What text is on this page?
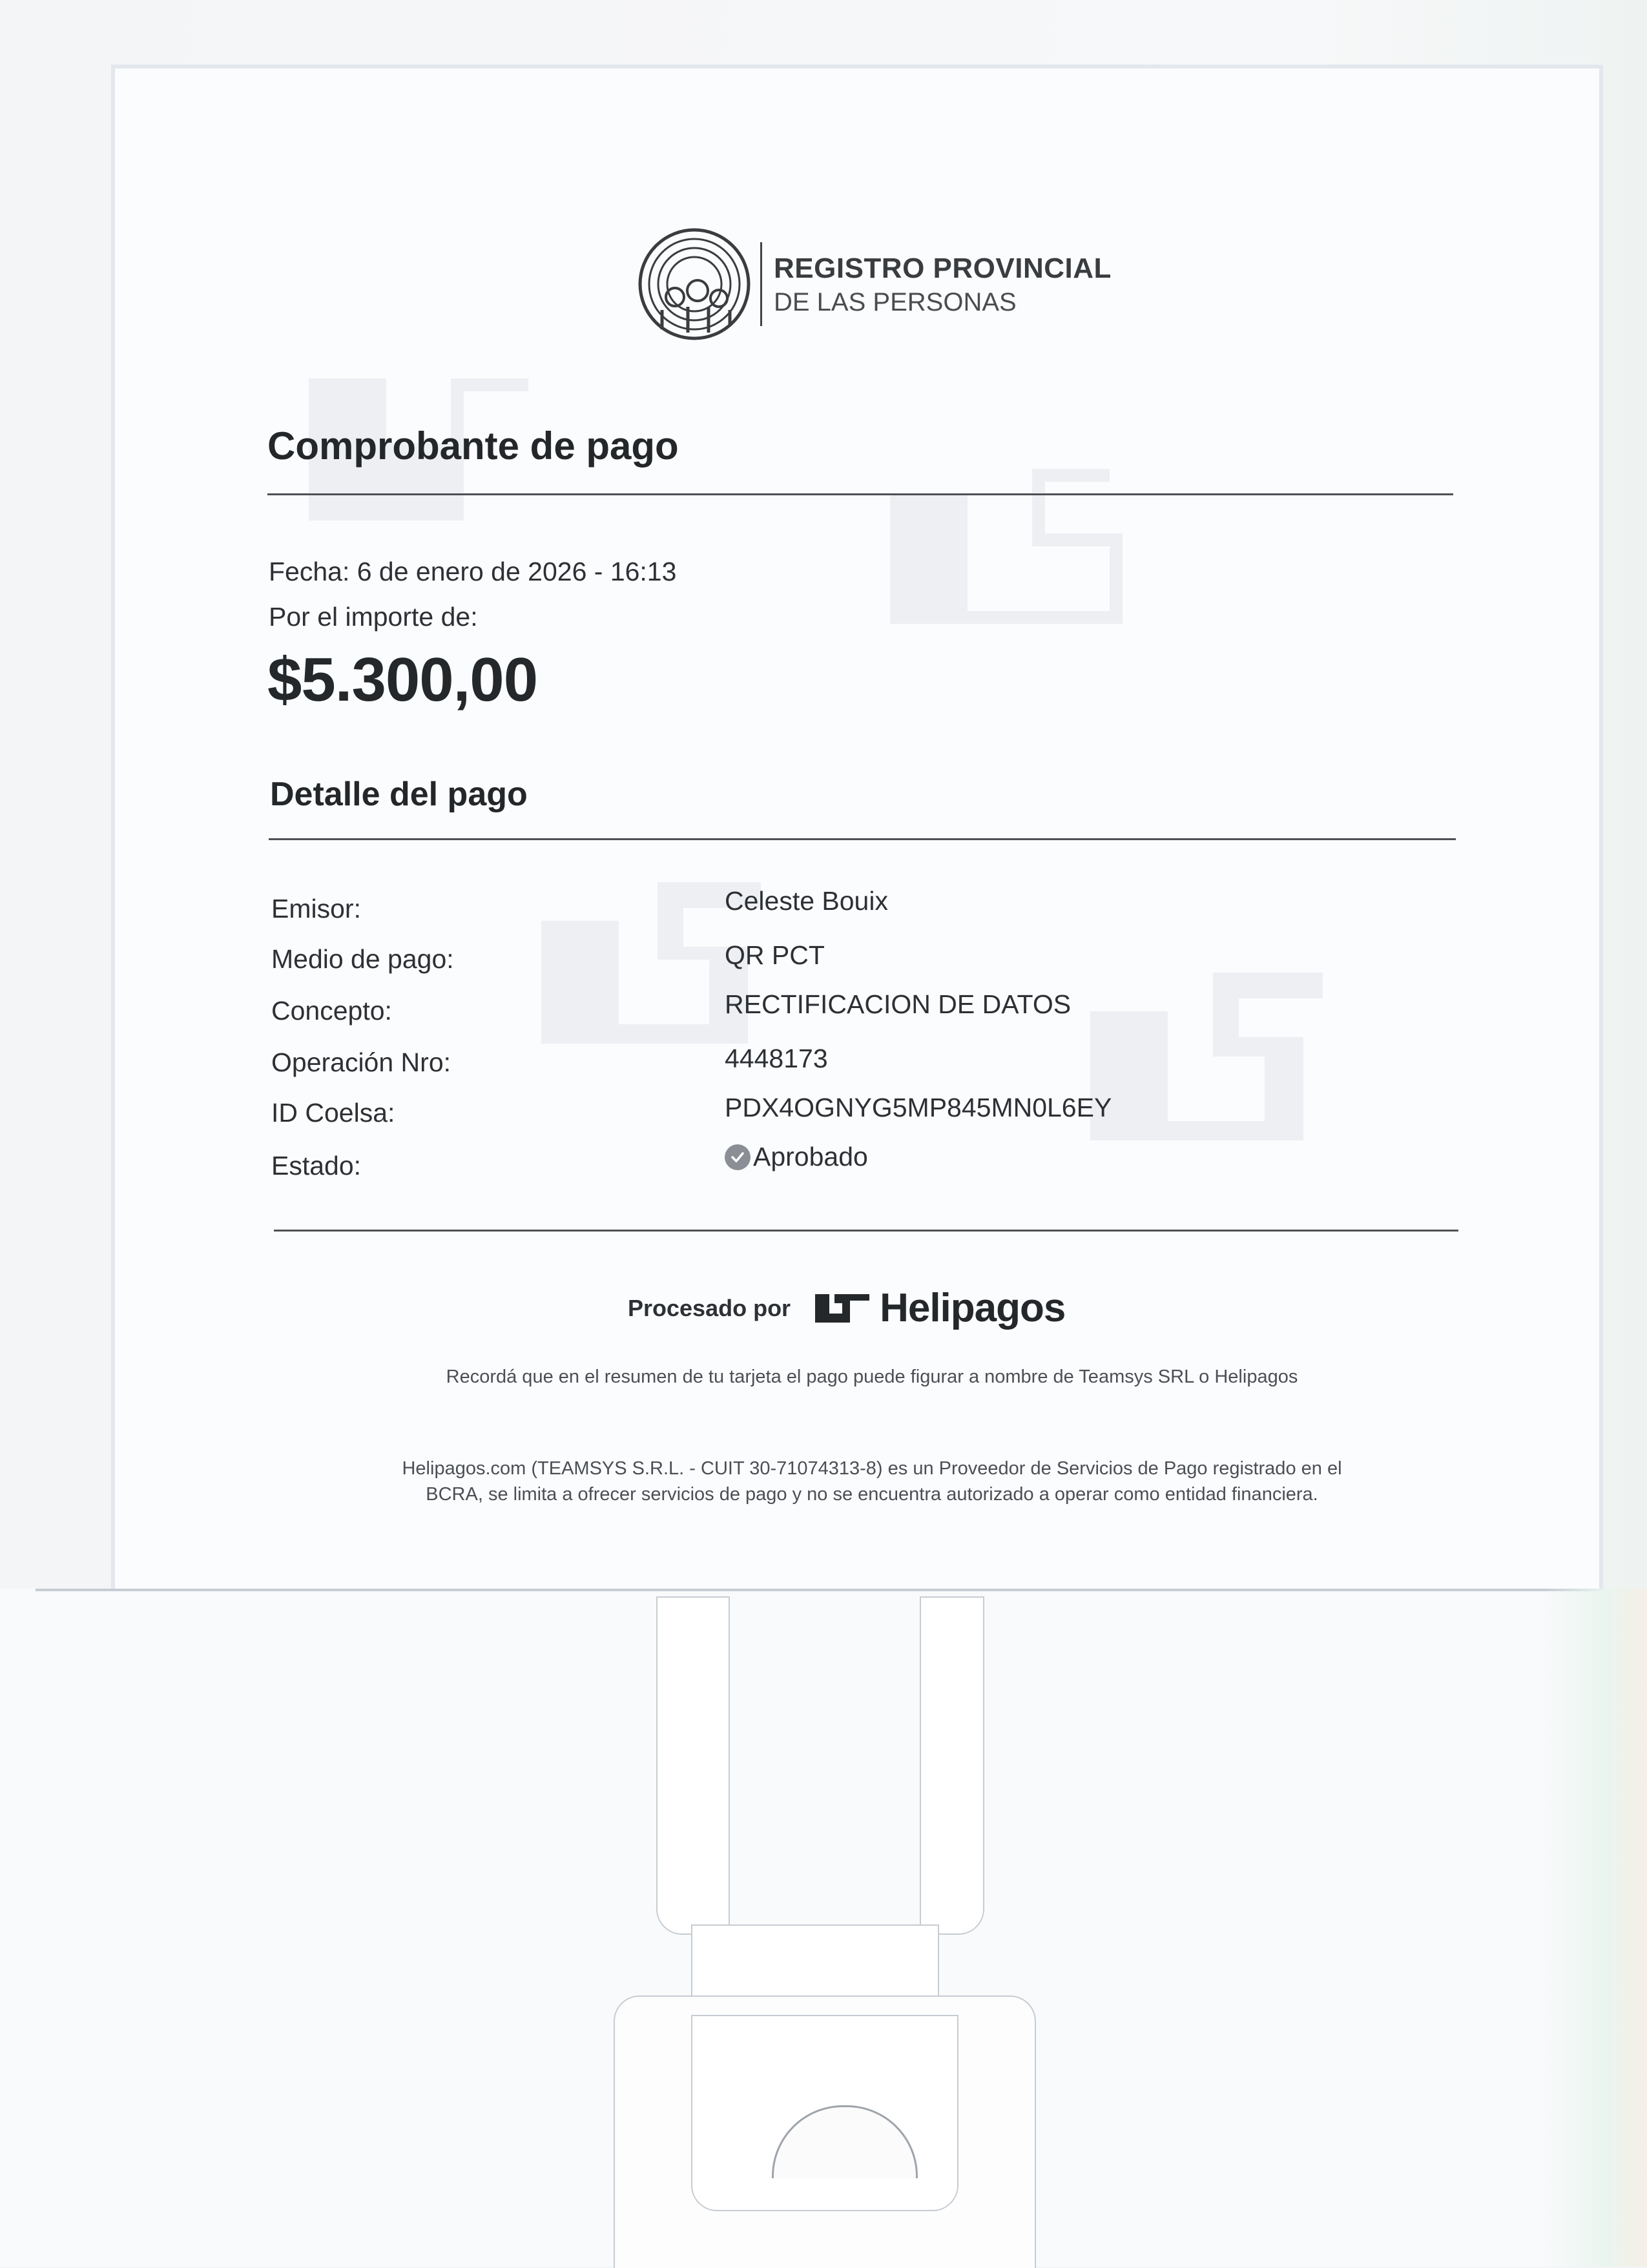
REGISTRO PROVINCIAL
DE LAS PERSONAS
Comprobante de pago
Fecha: 6 de enero de 2026 - 16:13
Por el importe de:
$5.300,00
Detalle del pago
Emisor:	Celeste Bouix
Medio de pago:	QR PCT
Concepto:	RECTIFICACION DE DATOS
Operación Nro:	4448173
ID Coelsa:	PDX4OGNYG5MP845MN0L6EY
Estado:	Aprobado
Procesado por Helipagos
Recordá que en el resumen de tu tarjeta el pago puede figurar a nombre de Teamsys SRL o Helipagos
Helipagos.com (TEAMSYS S.R.L. - CUIT 30-71074313-8) es un Proveedor de Servicios de Pago registrado en el BCRA, se limita a ofrecer servicios de pago y no se encuentra autorizado a operar como entidad financiera.
